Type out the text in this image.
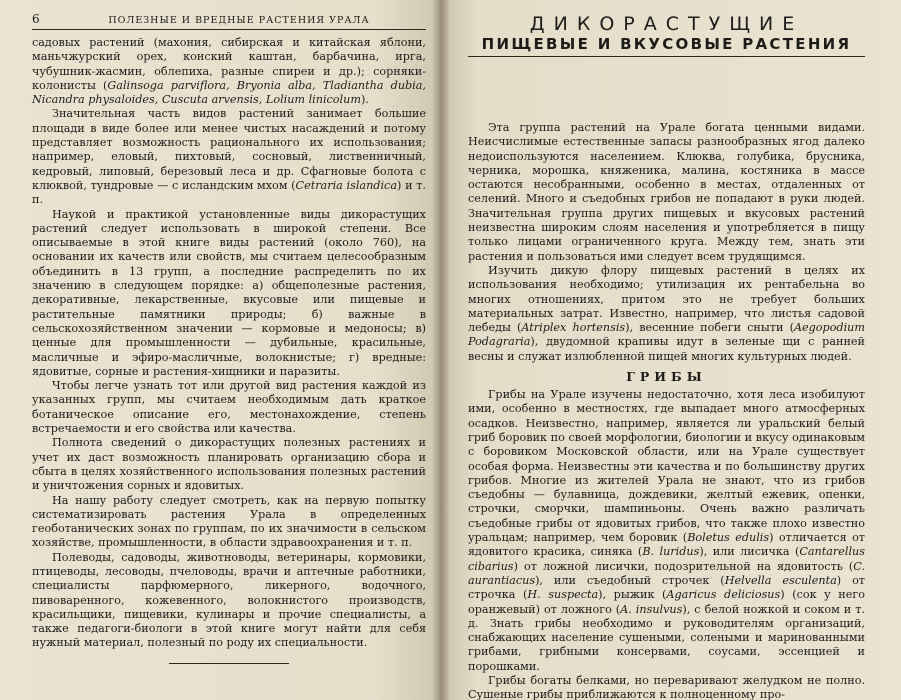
6	ПОЛЕЗНЫЕ И ВРЕДНЫЕ РАСТЕНИЯ УРАЛА

садовых растений (махония, сибирская и китайская яблони, маньчжурский орех, конский каштан, барбачина, ирга, чубушник-жасмин, облепиха, разные спиреи и др.); сорняки-колонисты (Galinsoga parviflora, Bryonia alba, Tladiantha dubia, Nicandra physaloides, Cuscuta arvensis, Lolium linicolum).

Значительная часть видов растений занимает большие площади в виде более или менее чистых насаждений и потому представляет возможность рационального их использования; например, еловый, пихтовый, сосновый, лиственничный, кедровый, липовый, березовый леса и др. Сфагновые болота с клюквой, тундровые — с исландским мхом (Cetraria islandica) и т. п.

Наукой и практикой установленные виды дикорастущих растений следует использовать в широкой степени. Все описываемые в этой книге виды растений (около 760), на основании их качеств или свойств, мы считаем целесообразным объединить в 13 групп, а последние распределить по их значению в следующем порядке: а) общеполезные растения, декоративные, лекарственные, вкусовые или пищевые и растительные памятники природы; б) важные в сельскохозяйственном значении — кормовые и медоносы; в) ценные для промышленности — дубильные, красильные, масличные и эфиро-масличные, волокнистые; г) вредные: ядовитые, сорные и растения-хищники и паразиты.

Чтобы легче узнать тот или другой вид растения каждой из указанных групп, мы считаем необходимым дать краткое ботаническое описание его, местонахождение, степень встречаемости и его свойства или качества.

Полнота сведений о дикорастущих полезных растениях и учет их даст возможность планировать организацию сбора и сбыта в целях хозяйственного использования полезных растений и уничтожения сорных и ядовитых.

На нашу работу следует смотреть, как на первую попытку систематизировать растения Урала в определенных геоботанических зонах по группам, по их значимости в сельском хозяйстве, промышленности, в области здравоохранения и т. п.

Полеводы, садоводы, животноводы, ветеринары, кормовики, птицеводы, лесоводы, пчеловоды, врачи и аптечные работники, специалисты парфюмерного, ликерного, водочного, пивоваренного, кожевенного, волокнистого производств, красильщики, пищевики, кулинары и прочие специалисты, а также педагоги-биологи в этой книге могут найти для себя нужный материал, полезный по роду их специальности.

ДИКОРАСТУЩИЕ
ПИЩЕВЫЕ И ВКУСОВЫЕ РАСТЕНИЯ

Эта группа растений на Урале богата ценными видами. Неисчислимые естественные запасы разнообразных ягод далеко недоиспользуются населением. Клюква, голубика, брусника, черника, морошка, княженика, малина, костяника в массе остаются несобранными, особенно в местах, отдаленных от селений. Много и съедобных грибов не попадают в руки людей. Значительная группа других пищевых и вкусовых растений неизвестна широким слоям населения и употребляется в пищу только лицами ограниченного круга. Между тем, знать эти растения и пользоваться ими следует всем трудящимся.

Изучить дикую флору пищевых растений в целях их использования необходимо; утилизация их рентабельна во многих отношениях, притом это не требует больших материальных затрат. Известно, например, что листья садовой лебеды (Atriplex hortensis), весенние побеги сныти (Aegopodium Podagraria), двудомной крапивы идут в зеленые щи с ранней весны и служат излюбленной пищей многих культурных людей.

ГРИБЫ

Грибы на Урале изучены недостаточно, хотя леса изобилуют ими, особенно в местностях, где выпадает много атмосферных осадков. Неизвестно, например, является ли уральский белый гриб боровик по своей морфологии, биологии и вкусу одинаковым с боровиком Московской области, или на Урале существует особая форма. Неизвестны эти качества и по большинству других грибов. Многие из жителей Урала не знают, что из грибов съедобны — булавница, дождевики, желтый ежевик, опенки, строчки, сморчки, шампиньоны. Очень важно различать съедобные грибы от ядовитых грибов, что также плохо известно уральцам; например, чем боровик (Boletus edulis) отличается от ядовитого красика, синяка (B. luridus), или лисичка (Cantarellus cibarius) от ложной лисички, подозрительной на ядовитость (C. aurantiacus), или съедобный строчек (Helvella esculenta) от строчка (H. suspecta), рыжик (Agaricus deliciosus) (сок у него оранжевый) от ложного (A. insulvus), с белой ножкой и соком и т. д. Знать грибы необходимо и руководителям организаций, снабжающих население сушеными, солеными и маринованными грибами, грибными консервами, соусами, эссенцией и порошками.

Грибы богаты белками, но переваривают желудком не полно. Сушеные грибы приближаются к полноценному про-
